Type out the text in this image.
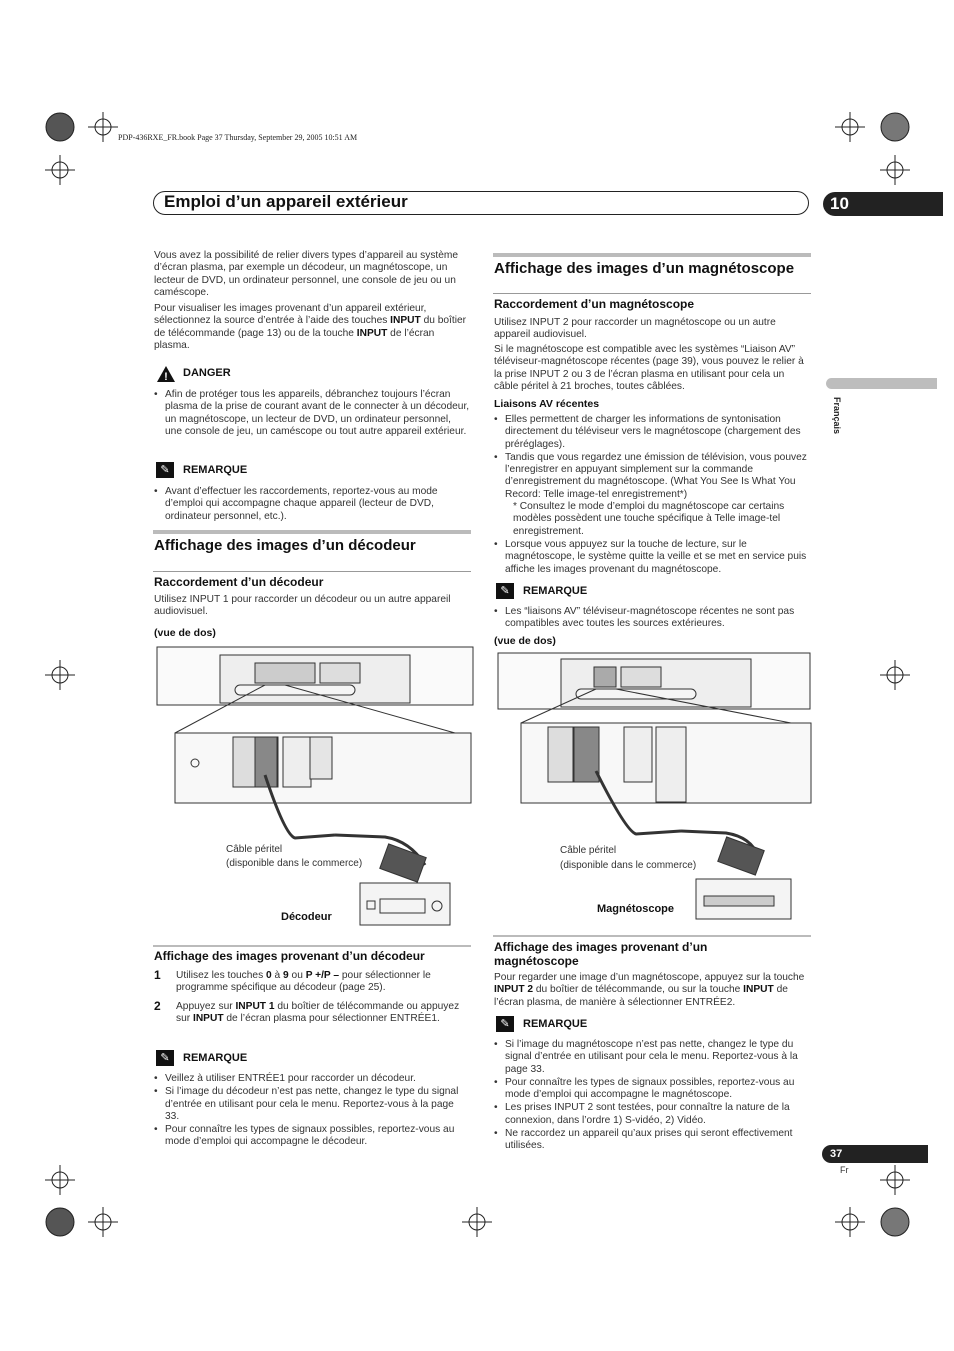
PDP-436RXE_FR.book Page 37 Thursday, September 29, 2005 10:51 AM
Emploi d’un appareil extérieur	10
Français
Vous avez la possibilité de relier divers types d’appareil au système d’écran plasma, par exemple un décodeur, un magnétoscope, un lecteur de DVD, un ordinateur personnel, une console de jeu ou un caméscope.
Pour visualiser les images provenant d’un appareil extérieur, sélectionnez la source d’entrée à l’aide des touches INPUT du boîtier de télécommande (page 13) ou de la touche INPUT de l’écran plasma.
! DANGER
• Afin de protéger tous les appareils, débranchez toujours l’écran plasma de la prise de courant avant de le connecter à un décodeur, un magnétoscope, un lecteur de DVD, un ordinateur personnel, une console de jeu, un caméscope ou tout autre appareil extérieur.
✎	REMARQUE
• Avant d’effectuer les raccordements, reportez-vous au mode d’emploi qui accompagne chaque appareil (lecteur de DVD, ordinateur personnel, etc.).
Affichage des images d’un décodeur
Raccordement d’un décodeur
Utilisez INPUT 1 pour raccorder un décodeur ou un autre appareil audiovisuel.
(vue de dos)
Câble péritel
(disponible dans le commerce)
Décodeur
Affichage des images provenant d’un décodeur
1 Utilisez les touches 0 à 9 ou P +/P – pour sélectionner le programme spécifique au décodeur (page 25).
2 Appuyez sur INPUT 1 du boîtier de télécommande ou appuyez sur INPUT de l’écran plasma pour sélectionner ENTRÉE1.
✎	REMARQUE
• Veillez à utiliser ENTRÉE1 pour raccorder un décodeur.
• Si l’image du décodeur n’est pas nette, changez le type du signal d’entrée en utilisant pour cela le menu. Reportez-vous à la page 33.
• Pour connaître les types de signaux possibles, reportez-vous au mode d’emploi qui accompagne le décodeur.
Affichage des images d’un magnétoscope
Raccordement d’un magnétoscope
Utilisez INPUT 2 pour raccorder un magnétoscope ou un autre appareil audiovisuel.
Si le magnétoscope est compatible avec les systèmes “Liaison AV” téléviseur-magnétoscope récentes (page 39), vous pouvez le relier à la prise INPUT 2 ou 3 de l’écran plasma en utilisant pour cela un câble péritel à 21 broches, toutes câblées.
Liaisons AV récentes
• Elles permettent de charger les informations de syntonisation directement du téléviseur vers le magnétoscope (chargement des préréglages).
• Tandis que vous regardez une émission de télévision, vous pouvez l’enregistrer en appuyant simplement sur la commande d’enregistrement du magnétoscope. (What You See Is What You Record: Telle image-tel enregistrement*)
* Consultez le mode d’emploi du magnétoscope car certains modèles possèdent une touche spécifique à Telle image-tel enregistrement.
• Lorsque vous appuyez sur la touche de lecture, sur le magnétoscope, le système quitte la veille et se met en service puis affiche les images provenant du magnétoscope.
✎	REMARQUE
• Les “liaisons AV” téléviseur-magnétoscope récentes ne sont pas compatibles avec toutes les sources extérieures.
(vue de dos)
Câble péritel
(disponible dans le commerce)
Magnétoscope
Affichage des images provenant d’un magnétoscope
Pour regarder une image d’un magnétoscope, appuyez sur la touche INPUT 2 du boîtier de télécommande, ou sur la touche INPUT de l’écran plasma, de manière à sélectionner ENTRÉE2.
✎	REMARQUE
• Si l’image du magnétoscope n’est pas nette, changez le type du signal d’entrée en utilisant pour cela le menu. Reportez-vous à la page 33.
• Pour connaître les types de signaux possibles, reportez-vous au mode d’emploi qui accompagne le magnétoscope.
• Les prises INPUT 2 sont testées, pour connaître la nature de la connexion, dans l’ordre 1) S-vidéo, 2) Vidéo.
• Ne raccordez un appareil qu’aux prises qui seront effectivement utilisées.
37
Fr
